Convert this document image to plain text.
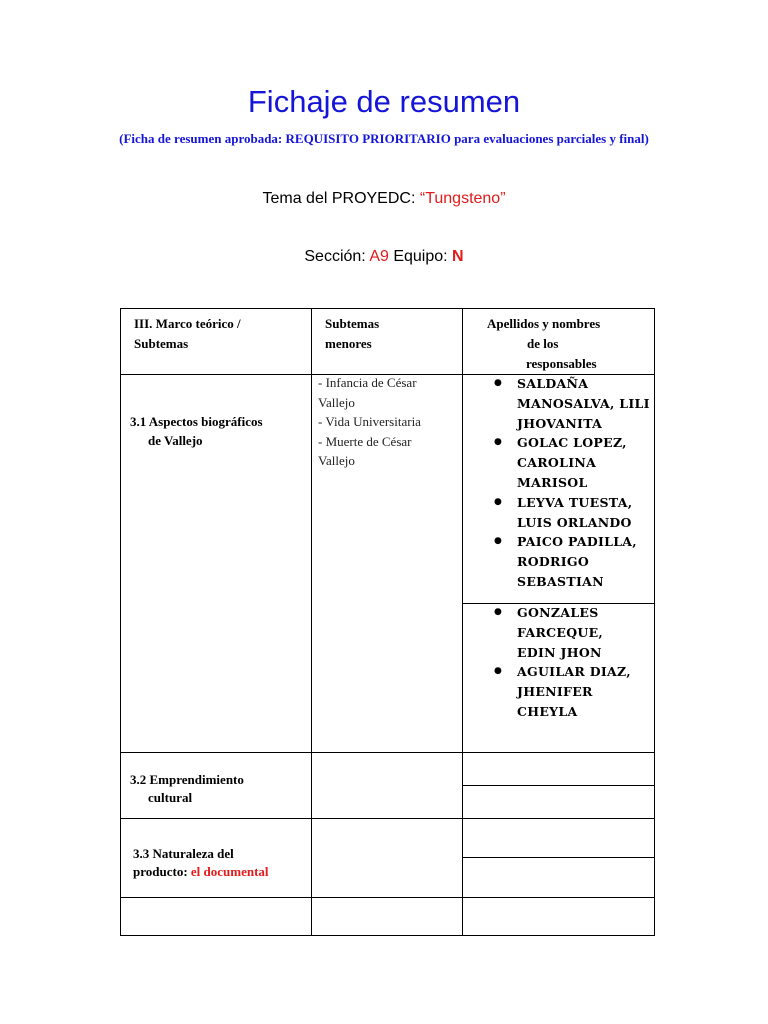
Fichaje de resumen
(Ficha de resumen aprobada: REQUISITO PRIORITARIO para evaluaciones parciales y final)
Tema del PROYEDC: “Tungsteno”
Sección: A9 Equipo: N
III. Marco teórico /
Subtemas
Subtemas
menores
Apellidos y nombres
de los
responsables
3.1 Aspectos biográficos
de Vallejo
- Infancia de César
Vallejo
- Vida Universitaria
- Muerte de César
Vallejo
● SALDAÑA
MANOSALVA, LILI
JHOVANITA
● GOLAC LOPEZ,
CAROLINA
MARISOL
● LEYVA TUESTA,
LUIS ORLANDO
● PAICO PADILLA,
RODRIGO
SEBASTIAN
● GONZALES
FARCEQUE,
EDIN JHON
● AGUILAR DIAZ,
JHENIFER
CHEYLA
3.2 Emprendimiento
cultural
3.3 Naturaleza del
producto: el documental
